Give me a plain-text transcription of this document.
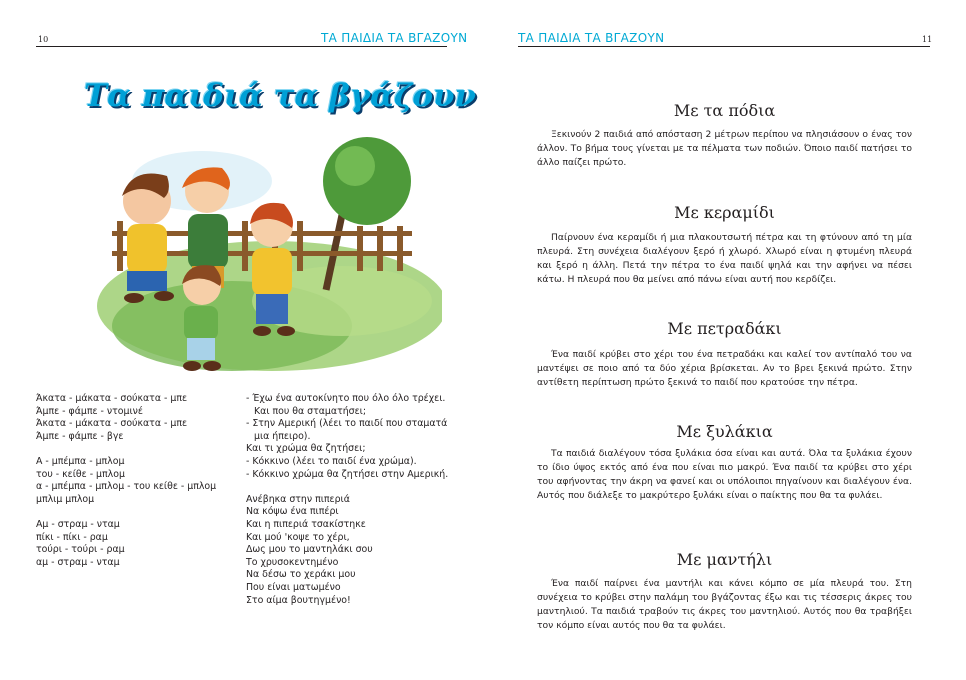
10	ΤΑ ΠΑΙΔΙΑ ΤΑ ΒΓΑΖΟΥΝ
Τα παιδιά τα βγάζουν
Άκατα - μάκατα - σούκατα - μπε
Άμπε - φάμπε - ντομινέ
Άκατα - μάκατα - σούκατα - μπε
Άμπε - φάμπε - βγε
Α - μπέμπα - μπλομ
του - κείθε - μπλομ
α - μπέμπα - μπλομ - του κείθε - μπλομ
μπλιμ μπλομ
Αμ - στραμ - νταμ
πίκι - πίκι - ραμ
τούρι - τούρι - ραμ
αμ - στραμ - νταμ
- Έχω ένα αυτοκίνητο που όλο όλο τρέχει.
Και που θα σταματήσει;
- Στην Αμερική (λέει το παιδί που σταματά
μια ήπειρο).
Και τι χρώμα θα ζητήσει;
- Κόκκινο (λέει το παιδί ένα χρώμα).
- Κόκκινο χρώμα θα ζητήσει στην Αμερική.
Ανέβηκα στην πιπεριά
Να κόψω ένα πιπέρι
Και η πιπεριά τσακίστηκε
Και μού 'κοψε το χέρι,
Δως μου το μαντηλάκι σου
Το χρυσοκεντημένο
Να δέσω το χεράκι μου
Που είναι ματωμένο
Στο αίμα βουτηγμένο!
ΤΑ ΠΑΙΔΙΑ ΤΑ ΒΓΑΖΟΥΝ	11
Με τα πόδια
Ξεκινούν 2 παιδιά από απόσταση 2 μέτρων περίπου να πλησιάσουν ο ένας τον άλλον. Το βήμα τους γίνεται με τα πέλματα των ποδιών. Όποιο παιδί πατήσει το άλλο παίζει πρώτο.
Με κεραμίδι
Παίρνουν ένα κεραμίδι ή μια πλακουτσωτή πέτρα και τη φτύνουν από τη μία πλευρά. Στη συνέχεια διαλέγουν ξερό ή χλωρό. Χλωρό είναι η φτυμένη πλευρά και ξερό η άλλη. Πετά την πέτρα το ένα παιδί ψηλά και την αφήνει να πέσει κάτω. Η πλευρά που θα μείνει από πάνω είναι αυτή που κερδίζει.
Με πετραδάκι
Ένα παιδί κρύβει στο χέρι του ένα πετραδάκι και καλεί τον αντίπαλό του να μαντέψει σε ποιο από τα δύο χέρια βρίσκεται. Αν το βρει ξεκινά πρώτο. Στην αντίθετη περίπτωση πρώτο ξεκινά το παιδί που κρατούσε την πέτρα.
Με ξυλάκια
Τα παιδιά διαλέγουν τόσα ξυλάκια όσα είναι και αυτά. Όλα τα ξυλάκια έχουν το ίδιο ύψος εκτός από ένα που είναι πιο μακρύ. Ένα παιδί τα κρύβει στο χέρι του αφήνοντας την άκρη να φανεί και οι υπόλοιποι πηγαίνουν και διαλέγουν ένα. Αυτός που διάλεξε το μακρύτερο ξυλάκι είναι ο παίκτης που θα τα φυλάει.
Με μαντήλι
Ένα παιδί παίρνει ένα μαντήλι και κάνει κόμπο σε μία πλευρά του. Στη συνέχεια το κρύβει στην παλάμη του βγάζοντας έξω και τις τέσσερις άκρες του μαντηλιού. Τα παιδιά τραβούν τις άκρες του μαντηλιού. Αυτός που θα τραβήξει τον κόμπο είναι αυτός που θα τα φυλάει.
